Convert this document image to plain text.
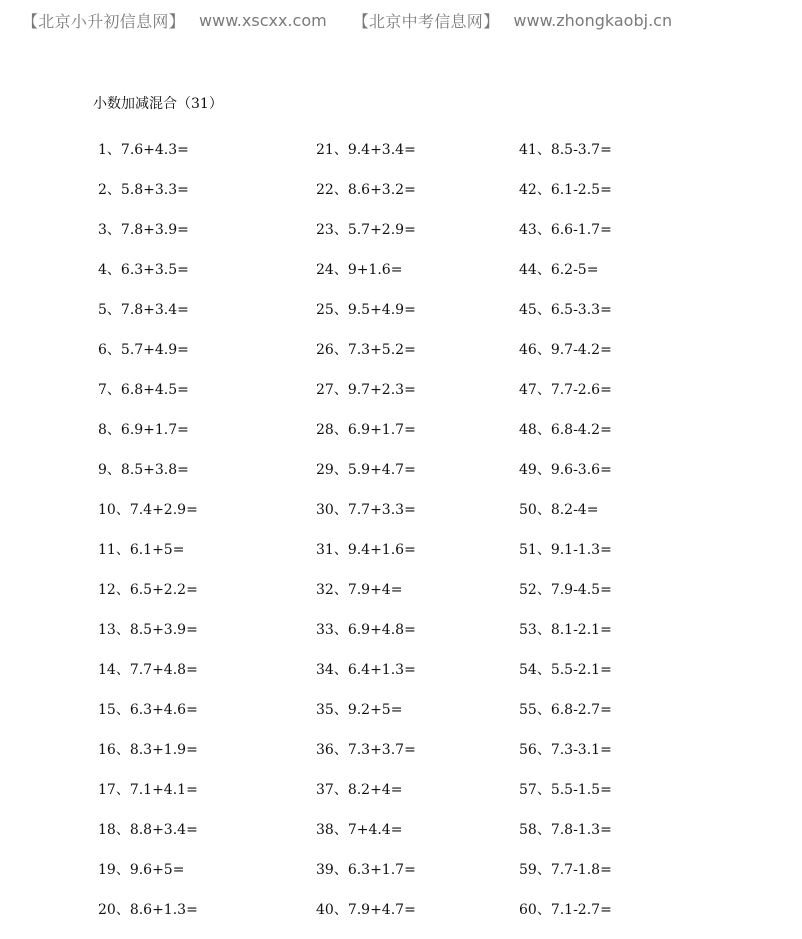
【北京小升初信息网】 www.xscxx.com 【北京中考信息网】 www.zhongkaobj.cn
小数加减混合（31）
1、7.6+4.3=	21、9.4+3.4=	41、8.5-3.7=
2、5.8+3.3=	22、8.6+3.2=	42、6.1-2.5=
3、7.8+3.9=	23、5.7+2.9=	43、6.6-1.7=
4、6.3+3.5=	24、9+1.6=	44、6.2-5=
5、7.8+3.4=	25、9.5+4.9=	45、6.5-3.3=
6、5.7+4.9=	26、7.3+5.2=	46、9.7-4.2=
7、6.8+4.5=	27、9.7+2.3=	47、7.7-2.6=
8、6.9+1.7=	28、6.9+1.7=	48、6.8-4.2=
9、8.5+3.8=	29、5.9+4.7=	49、9.6-3.6=
10、7.4+2.9=	30、7.7+3.3=	50、8.2-4=
11、6.1+5=	31、9.4+1.6=	51、9.1-1.3=
12、6.5+2.2=	32、7.9+4=	52、7.9-4.5=
13、8.5+3.9=	33、6.9+4.8=	53、8.1-2.1=
14、7.7+4.8=	34、6.4+1.3=	54、5.5-2.1=
15、6.3+4.6=	35、9.2+5=	55、6.8-2.7=
16、8.3+1.9=	36、7.3+3.7=	56、7.3-3.1=
17、7.1+4.1=	37、8.2+4=	57、5.5-1.5=
18、8.8+3.4=	38、7+4.4=	58、7.8-1.3=
19、9.6+5=	39、6.3+1.7=	59、7.7-1.8=
20、8.6+1.3=	40、7.9+4.7=	60、7.1-2.7=
